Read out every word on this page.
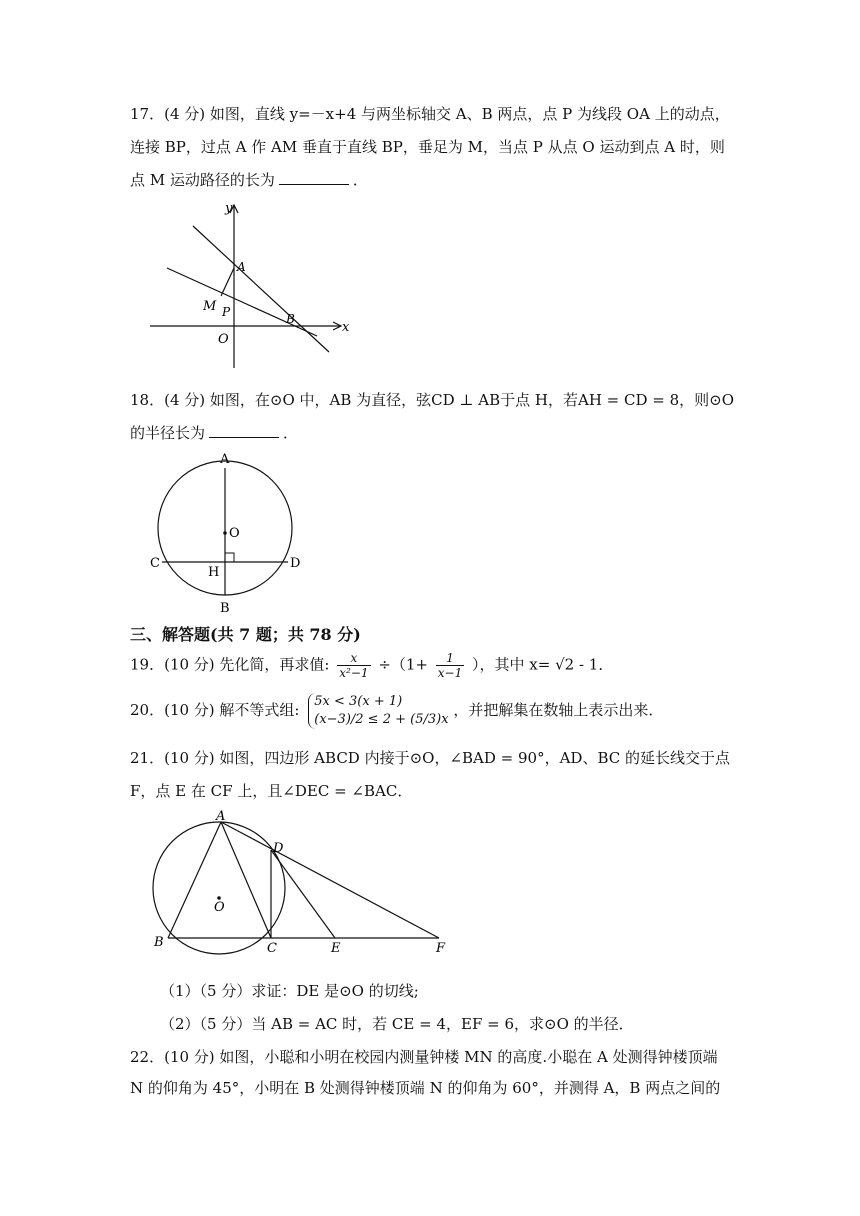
17．(4 分) 如图，直线 y=－x+4 与两坐标轴交 A、B 两点，点 P 为线段 OA 上的动点，
连接 BP，过点 A 作 AM 垂直于直线 BP，垂足为 M，当点 P 从点 O 运动到点 A 时，则
点 M 运动路径的长为	．
y
x
A
M P
O
B
18．(4 分) 如图，在⊙O 中，AB 为直径，弦CD ⊥ AB于点 H，若AH = CD = 8，则⊙O
的半径长为	．
A
O
C	D
H
B
三、解答题(共 7 题；共 78 分)
19．(10 分) 先化简，再求值: $\frac{x}{\text{x²−1}} \div(1+ \frac{1}{x-1}$ ），其中 x= √2 - 1．
20．(10 分) 解不等式组: 5x < 3(x + 1)
(x−3)/2 ≤ 2 + (5/3)x
，并把解集在数轴上表示出来．
21．(10 分) 如图，四边形 ABCD 内接于⊙O，∠BAD = 90°，AD、BC 的延长线交于点
F，点 E 在 CF 上，且∠DEC = ∠BAC．
A
D
O
B	C	E	F
（1）（5 分）求证：DE 是⊙O 的切线;
（2）（5 分）当 AB = AC 时，若 CE = 4，EF = 6，求⊙O 的半径．
22．(10 分) 如图，小聪和小明在校园内测量钟楼 MN 的高度.小聪在 A 处测得钟楼顶端
N 的仰角为 45°，小明在 B 处测得钟楼顶端 N 的仰角为 60°，并测得 A，B 两点之间的
